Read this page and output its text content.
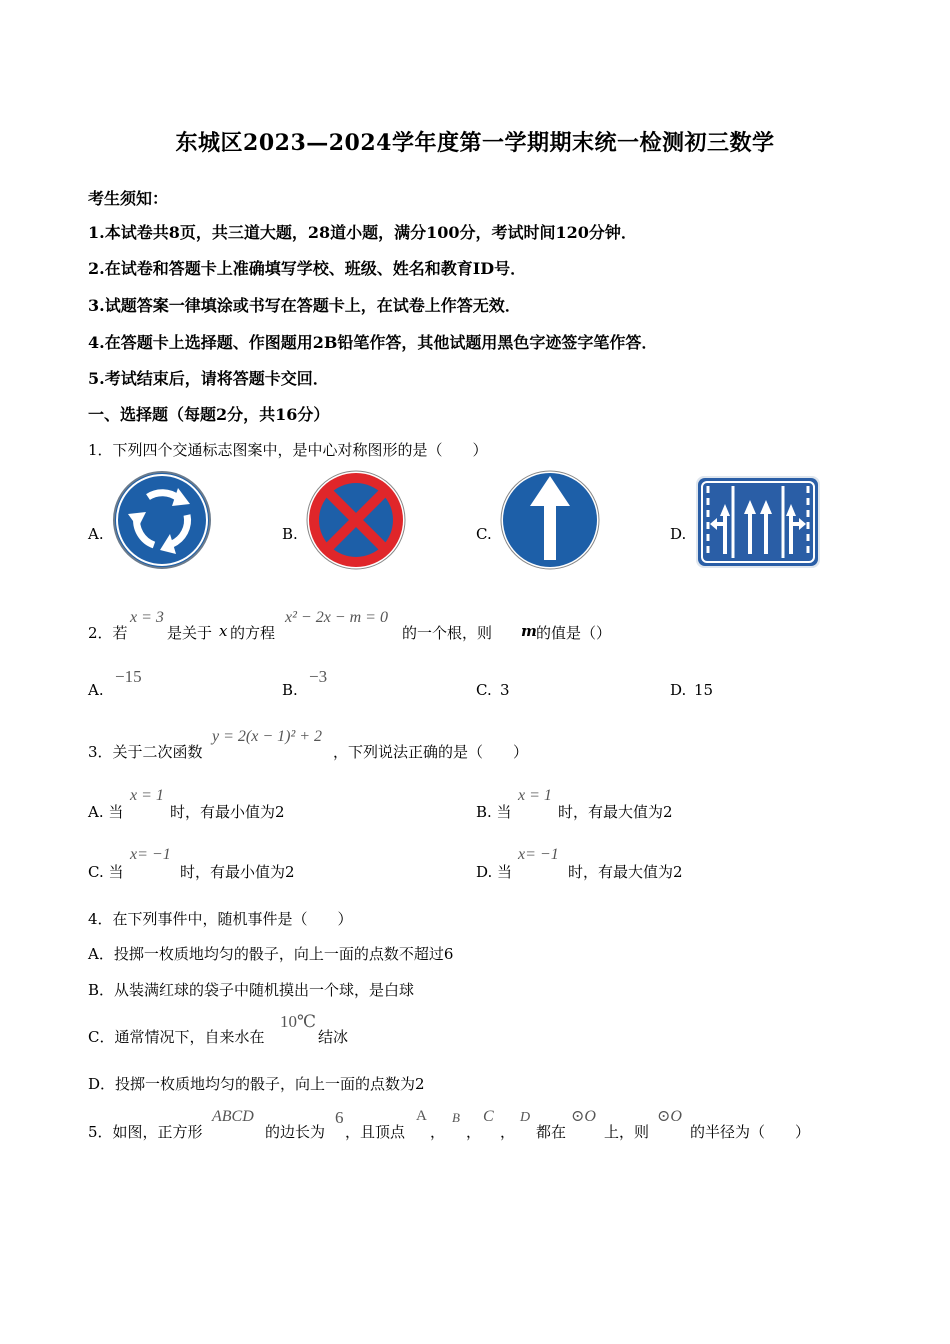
东城区2023—2024学年度第一学期期末统一检测初三数学
考生须知：
1.本试卷共8页，共三道大题，28道小题，满分100分，考试时间120分钟．
2.在试卷和答题卡上准确填写学校、班级、姓名和教育ID号．
3.试题答案一律填涂或书写在答题卡上，在试卷上作答无效．
4.在答题卡上选择题、作图题用2B铅笔作答，其他试题用黑色字迹签字笔作答．
5.考试结束后，请将答题卡交回．
一、选择题（每题2分，共16分）
1．下列四个交通标志图案中，是中心对称图形的是（　　）
A.	B.	C.	D.
2．若
x = 3
是关于 x 的方程
x² − 2x − m = 0
的一个根，则 m 的值是（）
A.
−15
B.
−3
C. 3	D. 15
3．关于二次函数
y = 2(x − 1)² + 2
，下列说法正确的是（　　）
A. 当
x = 1
时，有最小值为2	B. 当
x = 1
时，有最大值为2
C. 当
x= −1
时，有最小值为2	D. 当
x= −1
时，有最大值为2
4．在下列事件中，随机事件是（　　）
A．投掷一枚质地均匀的骰子，向上一面的点数不超过6
B．从装满红球的袋子中随机摸出一个球，是白球
C．通常情况下，自来水在
10℃
结冰
D．投掷一枚质地均匀的骰子，向上一面的点数为2
5．如图，正方形
ABCD
的边长为
6
，且顶点
A
，
B
，
C
，
D
都在
⊙O
上，则
⊙O
的半径为（　　）
